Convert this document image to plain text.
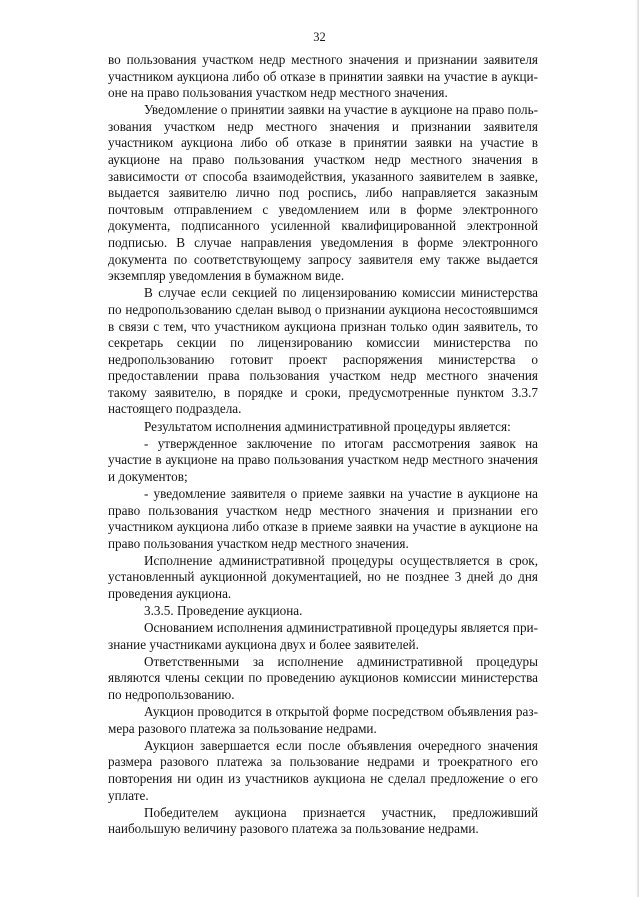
32

во пользования участком недр местного значения и признании заявителя участником аукциона либо об отказе в принятии заявки на участие в аукционе на право пользования участком недр местного значения.

Уведомление о принятии заявки на участие в аукционе на право пользования участком недр местного значения и признании заявителя участником аукциона либо об отказе в принятии заявки на участие в аукционе на право пользования участком недр местного значения в зависимости от способа взаимодействия, указанного заявителем в заявке, выдается заявителю лично под роспись, либо направляется заказным почтовым отправлением с уведомлением или в форме электронного документа, подписанного усиленной квалифицированной электронной подписью. В случае направления уведомления в форме электронного документа по соответствующему запросу заявителя ему также выдается экземпляр уведомления в бумажном виде.

В случае если секцией по лицензированию комиссии министерства по недропользованию сделан вывод о признании аукциона несостоявшимся в связи с тем, что участником аукциона признан только один заявитель, то секретарь секции по лицензированию комиссии министерства по недропользованию готовит проект распоряжения министерства о предоставлении права пользования участком недр местного значения такому заявителю, в порядке и сроки, предусмотренные пунктом 3.3.7 настоящего подраздела.

Результатом исполнения административной процедуры является:

- утвержденное заключение по итогам рассмотрения заявок на участие в аукционе на право пользования участком недр местного значения и документов;

- уведомление заявителя о приеме заявки на участие в аукционе на право пользования участком недр местного значения и признании его участником аукциона либо отказе в приеме заявки на участие в аукционе на право пользования участком недр местного значения.

Исполнение административной процедуры осуществляется в срок, установленный аукционной документацией, но не позднее 3 дней до дня проведения аукциона.

3.3.5. Проведение аукциона.

Основанием исполнения административной процедуры является признание участниками аукциона двух и более заявителей.

Ответственными за исполнение административной процедуры являются члены секции по проведению аукционов комиссии министерства по недропользованию.

Аукцион проводится в открытой форме посредством объявления размера разового платежа за пользование недрами.

Аукцион завершается если после объявления очередного значения размера разового платежа за пользование недрами и троекратного его повторения ни один из участников аукциона не сделал предложение о его уплате.

Победителем аукциона признается участник, предложивший наибольшую величину разового платежа за пользование недрами.
